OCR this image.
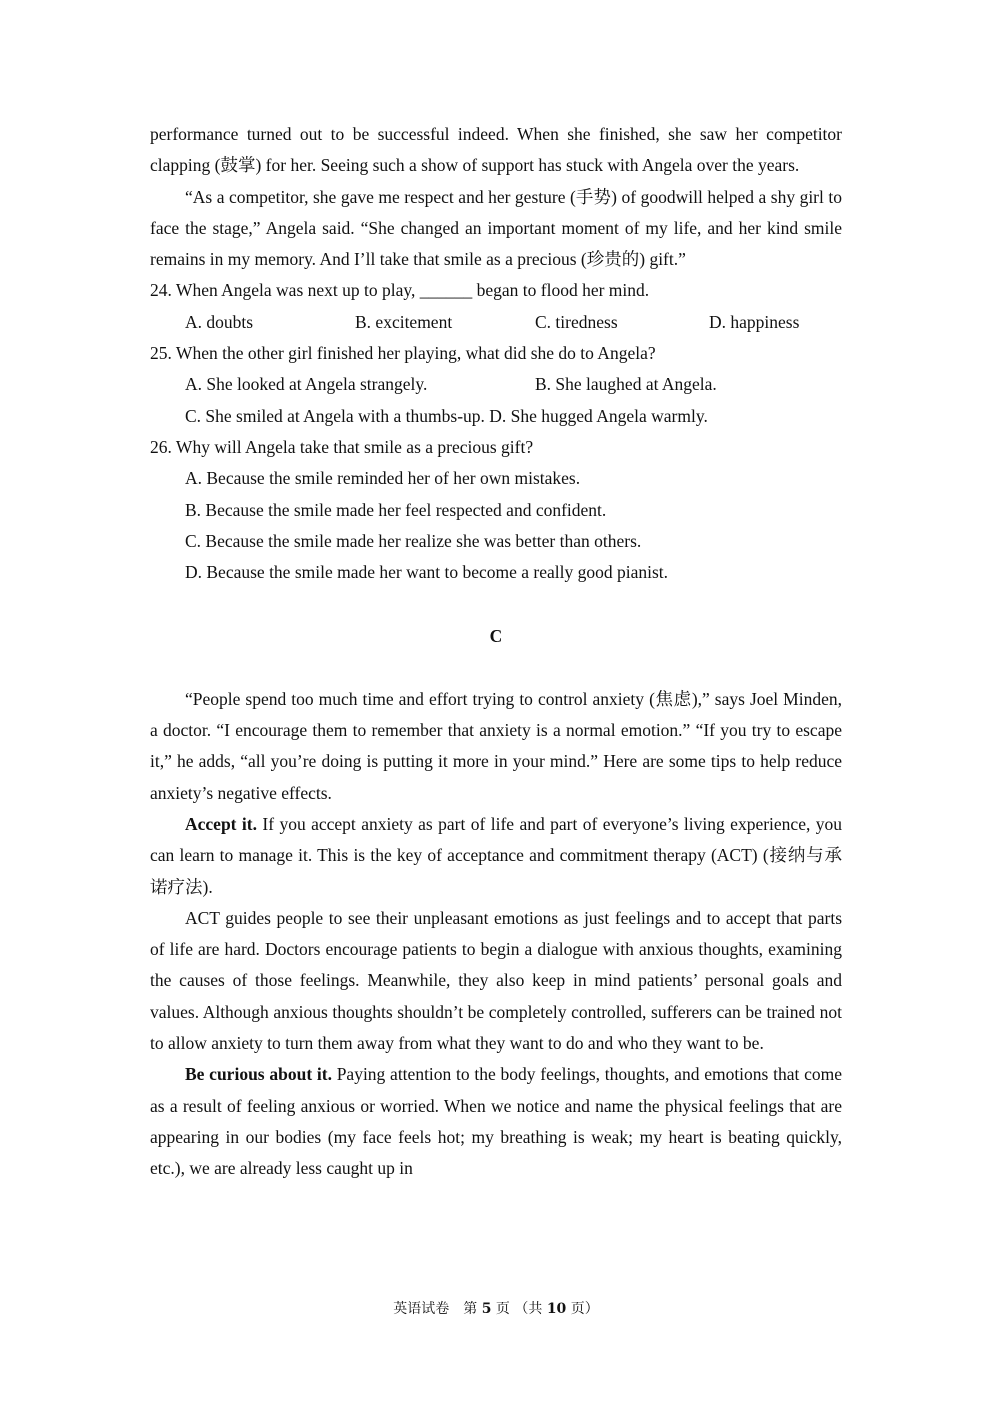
performance turned out to be successful indeed. When she finished, she saw her competitor clapping (鼓掌) for her. Seeing such a show of support has stuck with Angela over the years.

“As a competitor, she gave me respect and her gesture (手势) of goodwill helped a shy girl to face the stage,” Angela said. “She changed an important moment of my life, and her kind smile remains in my memory. And I’ll take that smile as a precious (珍贵的) gift.”

24. When Angela was next up to play, ______ began to flood her mind.

A. doubts	B. excitement	C. tiredness	D. happiness

25. When the other girl finished her playing, what did she do to Angela?

A. She looked at Angela strangely.	B. She laughed at Angela.
C. She smiled at Angela with a thumbs-up. D. She hugged Angela warmly.

26. Why will Angela take that smile as a precious gift?

A. Because the smile reminded her of her own mistakes.

B. Because the smile made her feel respected and confident.

C. Because the smile made her realize she was better than others.

D. Because the smile made her want to become a really good pianist.

C

“People spend too much time and effort trying to control anxiety (焦虑),” says Joel Minden, a doctor. “I encourage them to remember that anxiety is a normal emotion.” “If you try to escape it,” he adds, “all you’re doing is putting it more in your mind.” Here are some tips to help reduce anxiety’s negative effects.

Accept it. If you accept anxiety as part of life and part of everyone’s living experience, you can learn to manage it. This is the key of acceptance and commitment therapy (ACT) (接纳与承诺疗法).

ACT guides people to see their unpleasant emotions as just feelings and to accept that parts of life are hard. Doctors encourage patients to begin a dialogue with anxious thoughts, examining the causes of those feelings. Meanwhile, they also keep in mind patients’ personal goals and values. Although anxious thoughts shouldn’t be completely controlled, sufferers can be trained not to allow anxiety to turn them away from what they want to do and who they want to be.

Be curious about it. Paying attention to the body feelings, thoughts, and emotions that come as a result of feeling anxious or worried. When we notice and name the physical feelings that are appearing in our bodies (my face feels hot; my breathing is weak; my heart is beating quickly, etc.), we are already less caught up in

英语试卷　第 5 页 （共 10 页）
